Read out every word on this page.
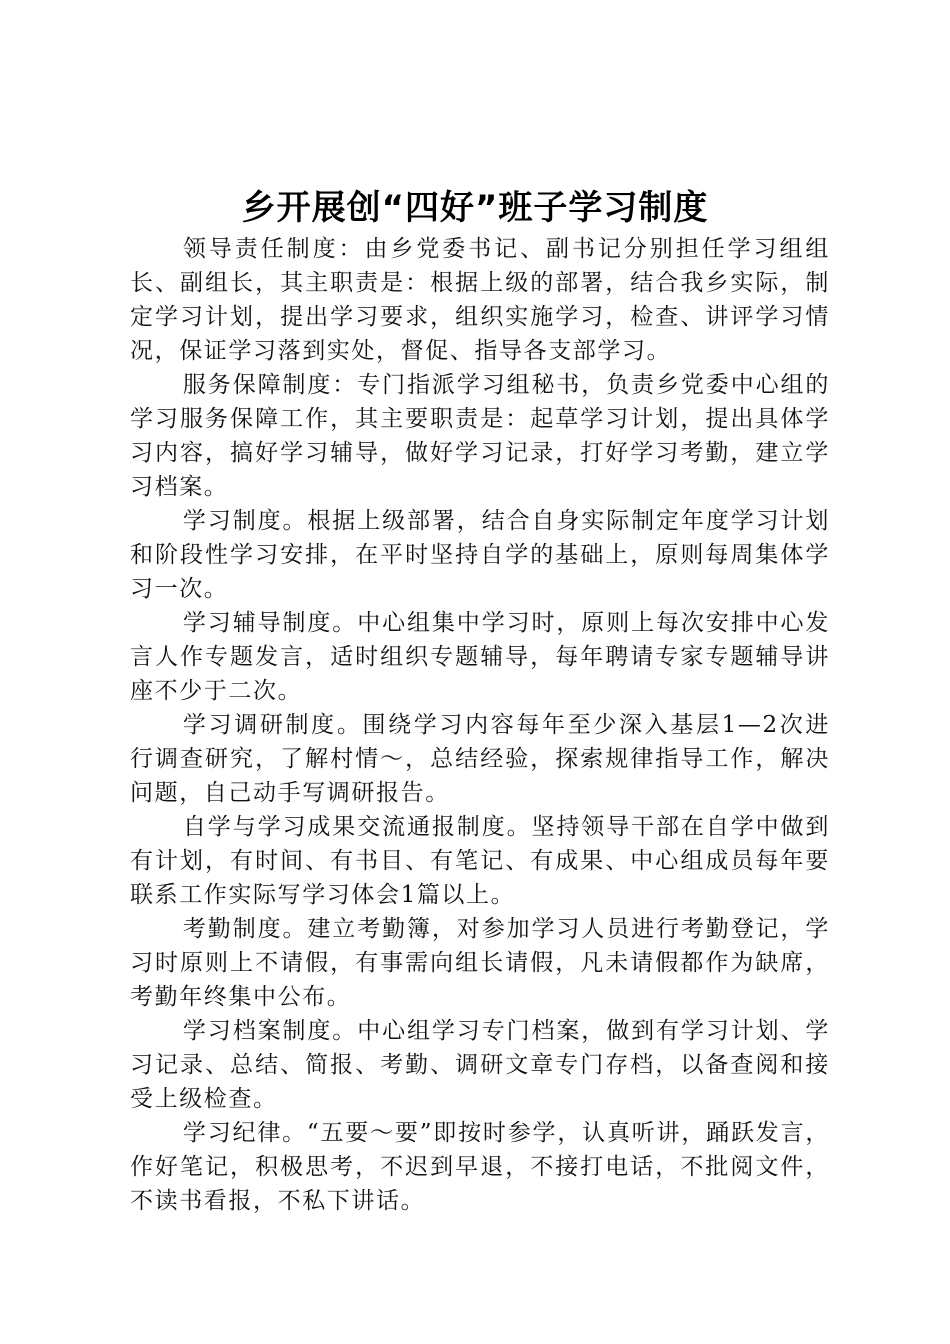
乡开展创“四好”班子学习制度

领导责任制度：由乡党委书记、副书记分别担任学习组组长、副组长，其主职责是：根据上级的部署，结合我乡实际，制定学习计划，提出学习要求，组织实施学习，检查、讲评学习情况，保证学习落到实处，督促、指导各支部学习。

服务保障制度：专门指派学习组秘书，负责乡党委中心组的学习服务保障工作，其主要职责是：起草学习计划，提出具体学习内容，搞好学习辅导，做好学习记录，打好学习考勤，建立学习档案。

学习制度。根据上级部署，结合自身实际制定年度学习计划和阶段性学习安排，在平时坚持自学的基础上，原则每周集体学习一次。

学习辅导制度。中心组集中学习时，原则上每次安排中心发言人作专题发言，适时组织专题辅导，每年聘请专家专题辅导讲座不少于二次。

学习调研制度。围绕学习内容每年至少深入基层1—2次进行调查研究，了解村情～，总结经验，探索规律指导工作，解决问题，自己动手写调研报告。

自学与学习成果交流通报制度。坚持领导干部在自学中做到有计划，有时间、有书目、有笔记、有成果、中心组成员每年要联系工作实际写学习体会1篇以上。

考勤制度。建立考勤簿，对参加学习人员进行考勤登记，学习时原则上不请假，有事需向组长请假，凡未请假都作为缺席，考勤年终集中公布。

学习档案制度。中心组学习专门档案，做到有学习计划、学习记录、总结、简报、考勤、调研文章专门存档，以备查阅和接受上级检查。

学习纪律。“五要～要”即按时参学，认真听讲，踊跃发言，作好笔记，积极思考，不迟到早退，不接打电话，不批阅文件，不读书看报，不私下讲话。
